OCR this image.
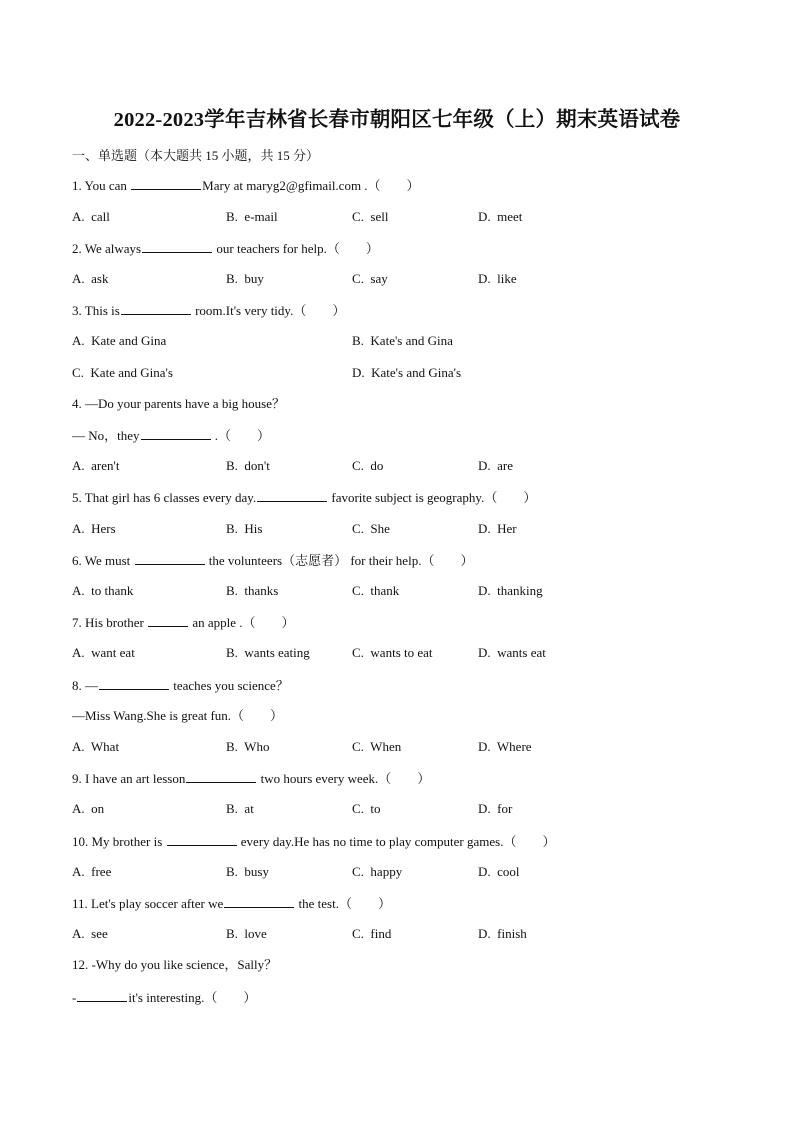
2022-2023学年吉林省长春市朝阳区七年级（上）期末英语试卷
一、单选题（本大题共 15 小题，共 15 分）
1. You can	Mary at maryg2@gfimail.com .（　　）
A.  call	B.  e-mail	C.  sell	D.  meet
2. We always	our teachers for help.（　　）
A.  ask	B.  buy	C.  say	D.  like
3. This is	room.It's very tidy.（　　）
A.  Kate and Gina	B.  Kate's and Gina
C.  Kate and Gina's	D.  Kate's and Gina's
4. —Do your parents have a big house？
— No，they	.（　　）
A.  aren't	B.  don't	C.  do	D.  are
5. That girl has 6 classes every day.	favorite subject is geography.（　　）
A.  Hers	B.  His	C.  She	D.  Her
6. We must	the volunteers（志愿者） for their help.（　　）
A.  to thank	B.  thanks	C.  thank	D.  thanking
7. His brother	an apple .（　　）
A.  want eat	B.  wants eating	C.  wants to eat	D.  wants eat
8. —	teaches you science？
—Miss Wang.She is great fun.（　　）
A.  What	B.  Who	C.  When	D.  Where
9. I have an art lesson	two hours every week.（　　）
A.  on	B.  at	C.  to	D.  for
10. My brother is	every day.He has no time to play computer games.（　　）
A.  free	B.  busy	C.  happy	D.  cool
11. Let's play soccer after we	the test.（　　）
A.  see	B.  love	C.  find	D.  finish
12. -Why do you like science，Sally？
-	it's interesting.（　　）
